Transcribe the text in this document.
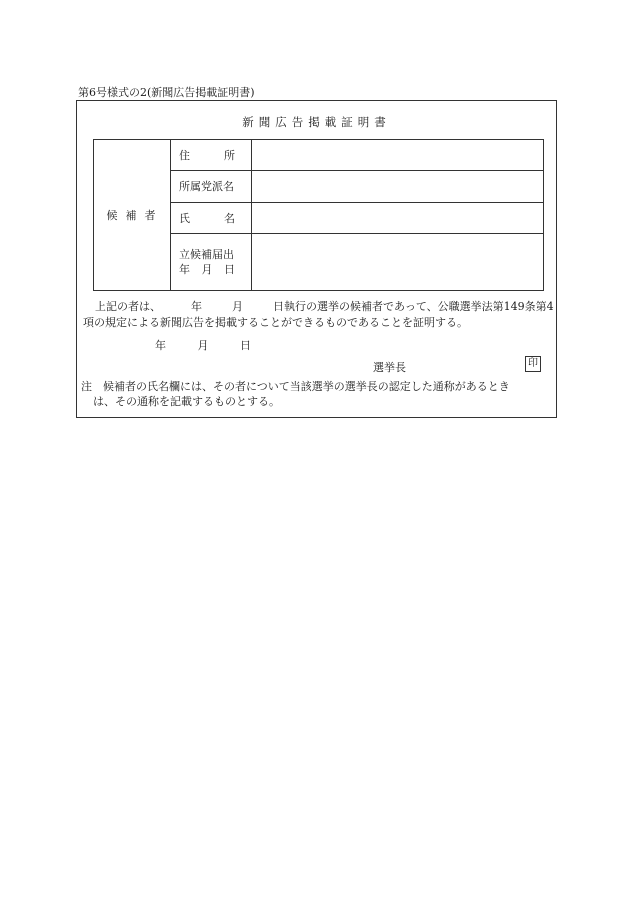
第6号様式の2(新聞広告掲載証明書)
新聞広告掲載証明書
候補者	住 所	

	所属党派名	

	氏 名	

	立候補届出
年 月 日	

上記の者は、	年	月	日執行の選挙の候補者であって、公職選挙法第149条第4
項の規定による新聞広告を掲載することができるものであることを証明する。
年	月	日
選挙長	印
注　候補者の氏名欄には、その者について当該選挙の選挙長の認定した通称があるとき
は、その通称を記載するものとする。
